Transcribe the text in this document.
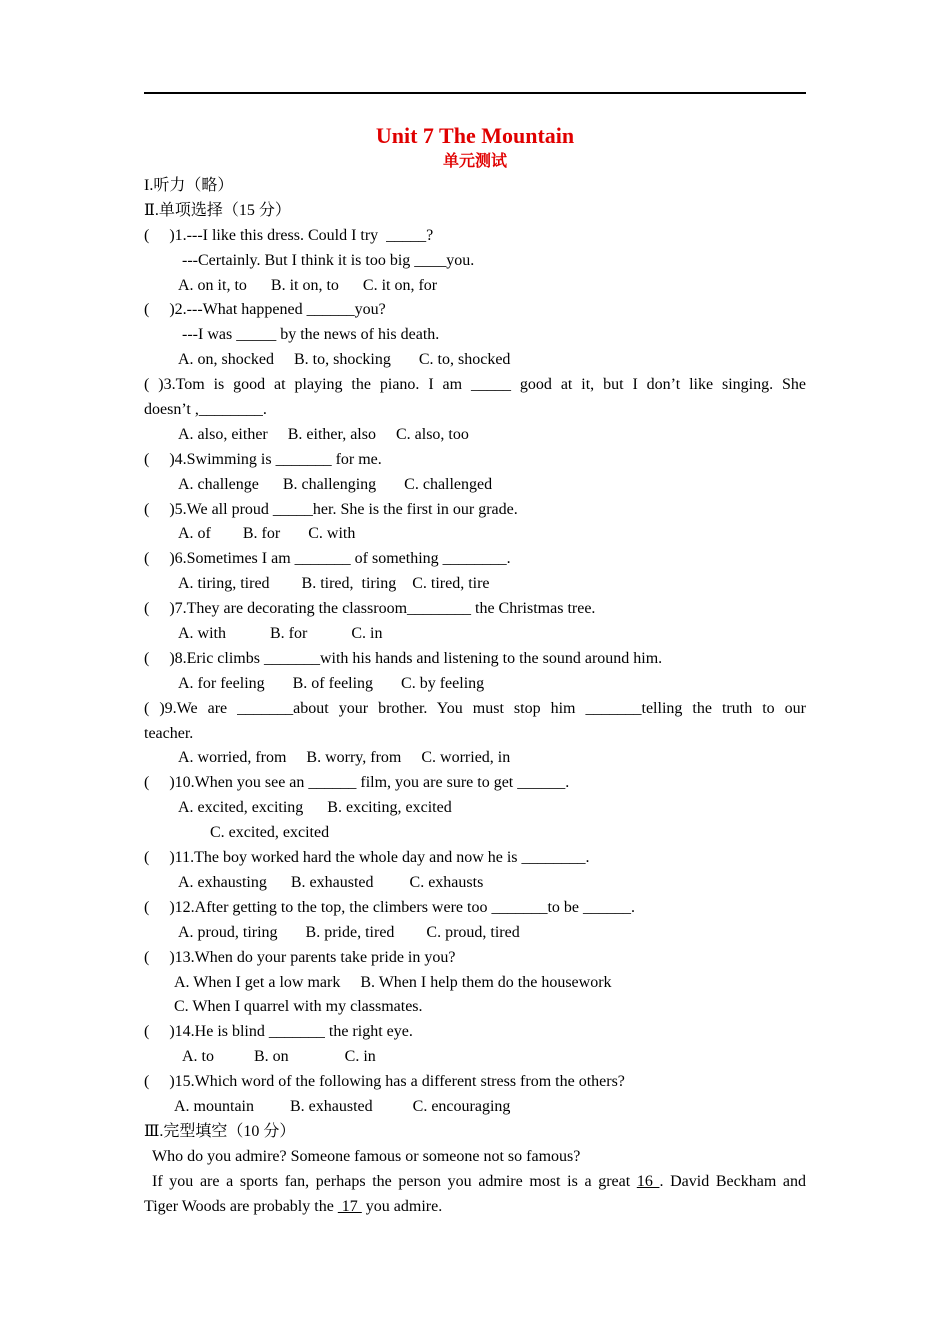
Unit 7 The Mountain
单元测试
I.听力（略）
Ⅱ.单项选择（15 分）
(     )1.---I like this dress. Could I try  _____?
---Certainly. But I think it is too big ____you.
A. on it, to      B. it on, to      C. it on, for
(     )2.---What happened ______you?
---I was _____ by the news of his death.
A. on, shocked     B. to, shocking       C. to, shocked
( )3.Tom is good at playing the piano. I am _____ good at it, but I don’t like singing. She
doesn’t ,________.
A. also, either     B. either, also     C. also, too
(     )4.Swimming is _______ for me.
A. challenge      B. challenging       C. challenged
(     )5.We all proud _____her. She is the first in our grade.
A. of        B. for       C. with
(     )6.Sometimes I am _______ of something ________.
A. tiring, tired        B. tired,  tiring    C. tired, tire
(     )7.They are decorating the classroom________ the Christmas tree.
A. with           B. for           C. in
(     )8.Eric climbs _______with his hands and listening to the sound around him.
A. for feeling       B. of feeling       C. by feeling
( )9.We are _______about your brother. You must stop him _______telling the truth to our
teacher.
A. worried, from     B. worry, from     C. worried, in
(     )10.When you see an ______ film, you are sure to get ______.
A. excited, exciting      B. exciting, excited
C. excited, excited
(     )11.The boy worked hard the whole day and now he is ________.
A. exhausting      B. exhausted         C. exhausts
(     )12.After getting to the top, the climbers were too _______to be ______.
A. proud, tiring       B. pride, tired        C. proud, tired
(     )13.When do your parents take pride in you?
A. When I get a low mark     B. When I help them do the housework
C. When I quarrel with my classmates.
(     )14.He is blind _______ the right eye.
A. to          B. on              C. in
(     )15.Which word of the following has a different stress from the others?
A. mountain         B. exhausted          C. encouraging
Ⅲ.完型填空（10 分）
Who do you admire? Someone famous or someone not so famous?
If you are a sports fan, perhaps the person you admire most is a great 16 . David Beckham and
Tiger Woods are probably the  17  you admire.
